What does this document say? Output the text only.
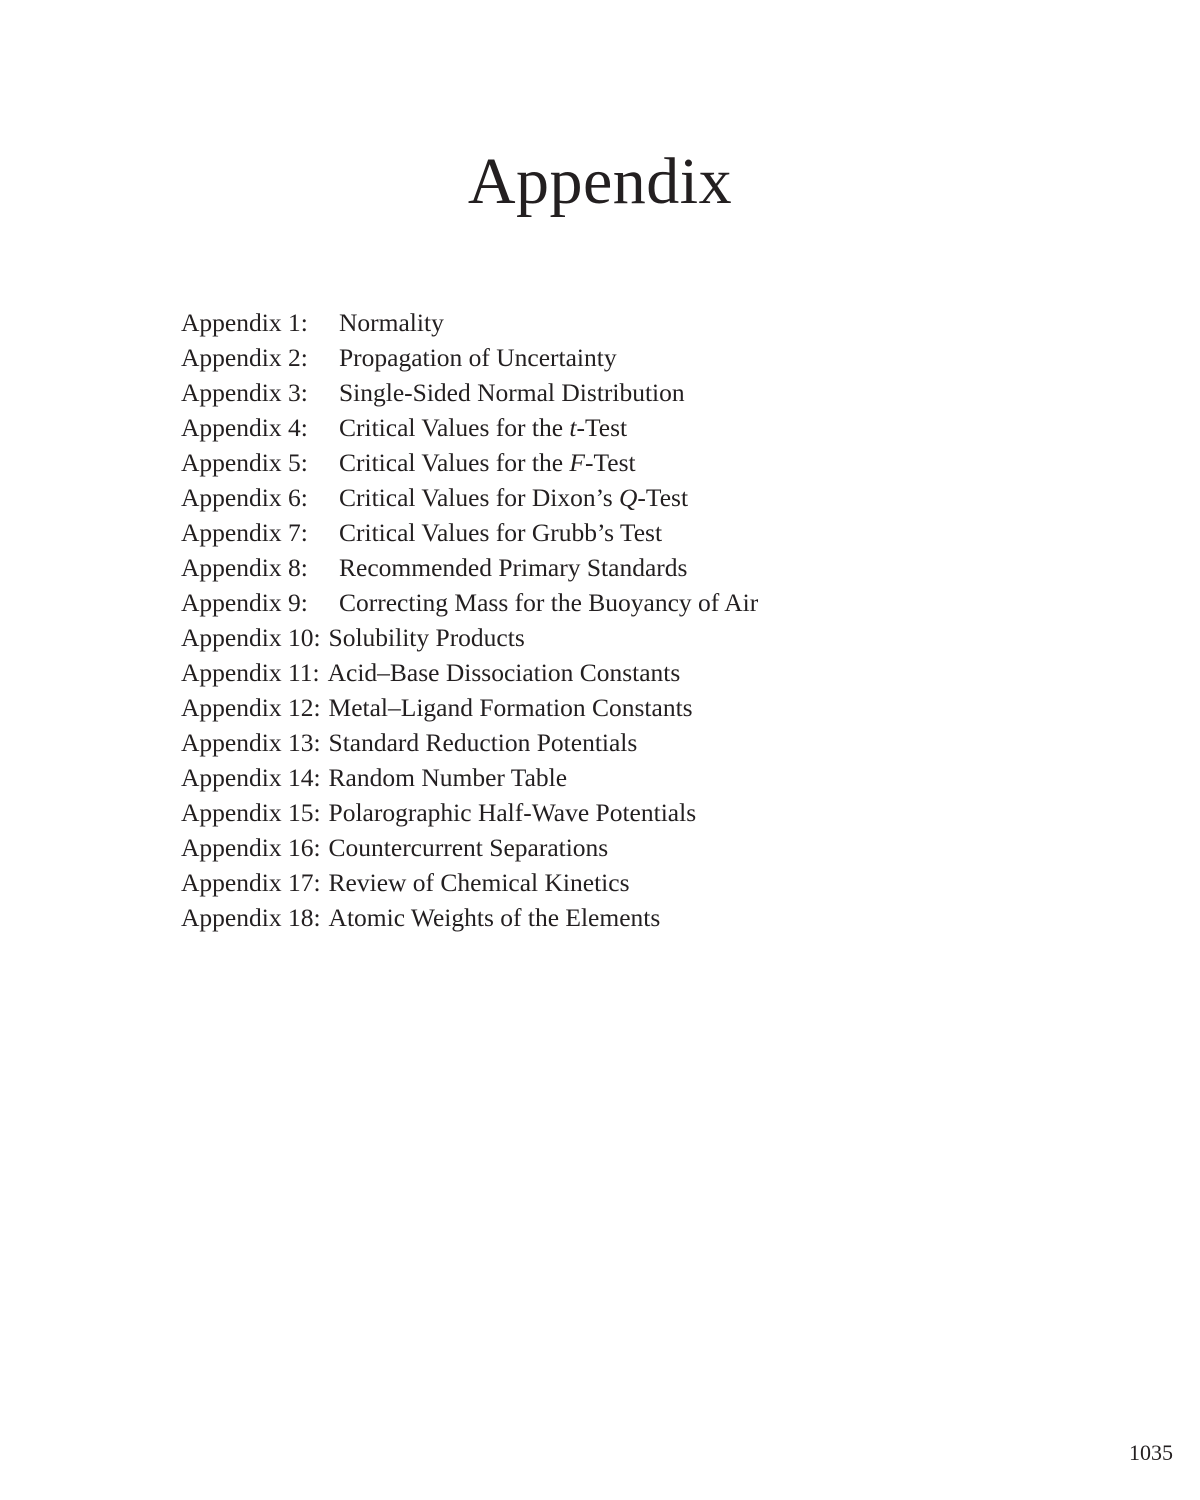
Appendix
Appendix 1:	Normality
Appendix 2:	Propagation of Uncertainty
Appendix 3:	Single-Sided Normal Distribution
Appendix 4:	Critical Values for the t-Test
Appendix 5:	Critical Values for the F-Test
Appendix 6:	Critical Values for Dixon’s Q-Test
Appendix 7:	Critical Values for Grubb’s Test
Appendix 8:	Recommended Primary Standards
Appendix 9:	Correcting Mass for the Buoyancy of Air
Appendix 10: Solubility Products
Appendix 11: Acid–Base Dissociation Constants
Appendix 12: Metal–Ligand Formation Constants
Appendix 13: Standard Reduction Potentials
Appendix 14: Random Number Table
Appendix 15: Polarographic Half-Wave Potentials
Appendix 16: Countercurrent Separations
Appendix 17: Review of Chemical Kinetics
Appendix 18: Atomic Weights of the Elements
1035
